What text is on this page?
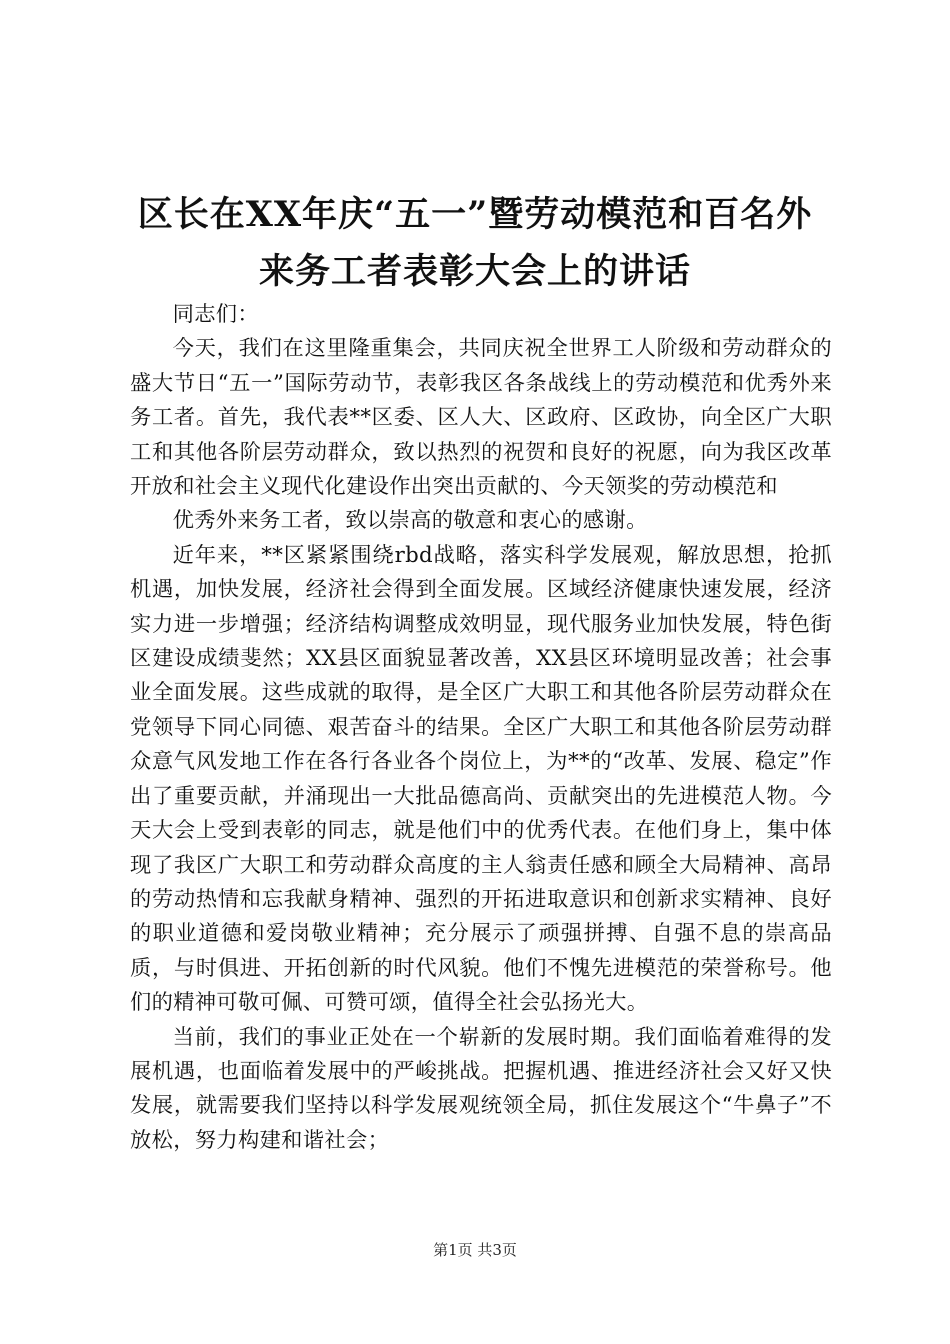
区长在XX年庆“五一”暨劳动模范和百名外
来务工者表彰大会上的讲话

同志们：

今天，我们在这里隆重集会，共同庆祝全世界工人阶级和劳动群众的盛大节日“五一”国际劳动节，表彰我区各条战线上的劳动模范和优秀外来务工者。首先，我代表**区委、区人大、区政府、区政协，向全区广大职工和其他各阶层劳动群众，致以热烈的祝贺和良好的祝愿，向为我区改革开放和社会主义现代化建设作出突出贡献的、今天领奖的劳动模范和

优秀外来务工者，致以崇高的敬意和衷心的感谢。

近年来，**区紧紧围绕rbd战略，落实科学发展观，解放思想，抢抓机遇，加快发展，经济社会得到全面发展。区域经济健康快速发展，经济实力进一步增强；经济结构调整成效明显，现代服务业加快发展，特色街区建设成绩斐然；XX县区面貌显著改善，XX县区环境明显改善；社会事业全面发展。这些成就的取得，是全区广大职工和其他各阶层劳动群众在党领导下同心同德、艰苦奋斗的结果。全区广大职工和其他各阶层劳动群众意气风发地工作在各行各业各个岗位上，为**的“改革、发展、稳定”作出了重要贡献，并涌现出一大批品德高尚、贡献突出的先进模范人物。今天大会上受到表彰的同志，就是他们中的优秀代表。在他们身上，集中体现了我区广大职工和劳动群众高度的主人翁责任感和顾全大局精神、高昂的劳动热情和忘我献身精神、强烈的开拓进取意识和创新求实精神、良好的职业道德和爱岗敬业精神；充分展示了顽强拼搏、自强不息的崇高品质，与时俱进、开拓创新的时代风貌。他们不愧先进模范的荣誉称号。他们的精神可敬可佩、可赞可颂，值得全社会弘扬光大。

当前，我们的事业正处在一个崭新的发展时期。我们面临着难得的发展机遇，也面临着发展中的严峻挑战。把握机遇、推进经济社会又好又快发展，就需要我们坚持以科学发展观统领全局，抓住发展这个“牛鼻子”不放松，努力构建和谐社会；

第1页 共3页
